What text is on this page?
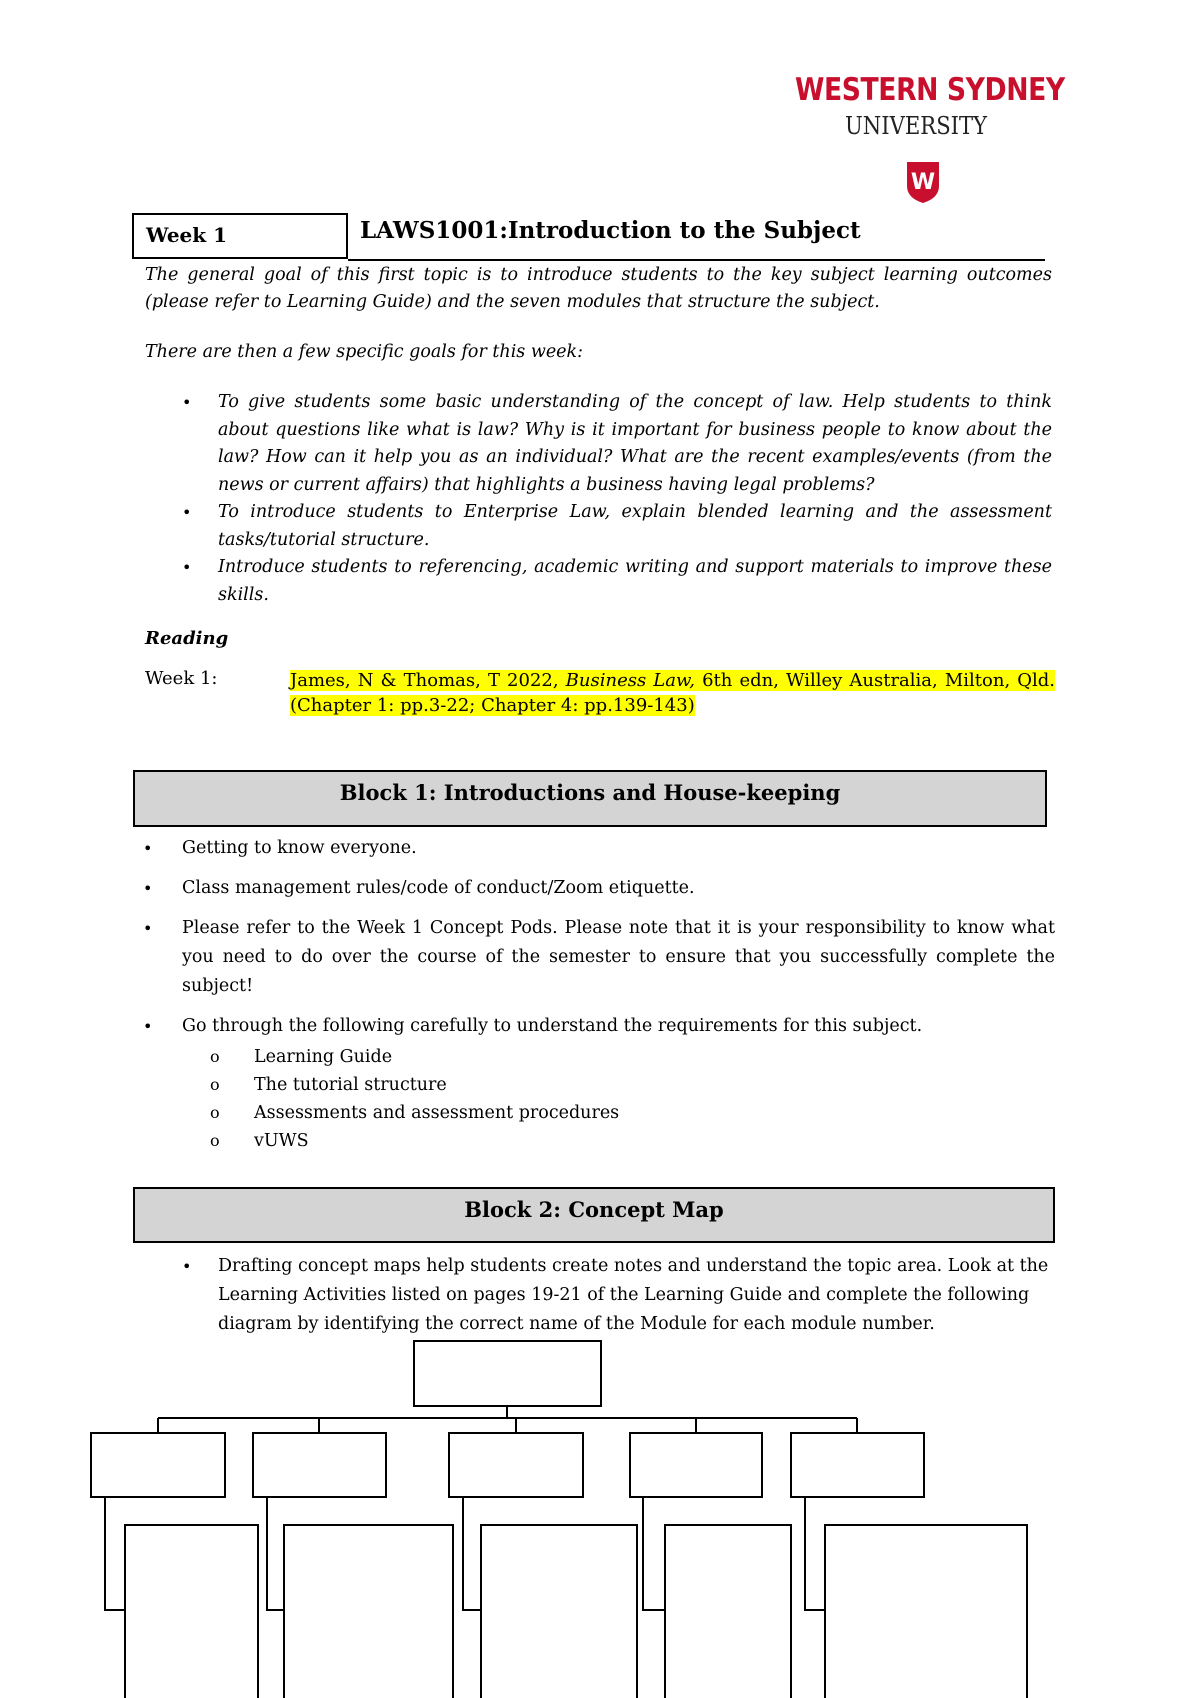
WESTERN SYDNEY
UNIVERSITY
W
Week 1	LAWS1001:Introduction to the Subject
The general goal of this first topic is to introduce students to the key subject learning outcomes (please refer to Learning Guide) and the seven modules that structure the subject.
There are then a few specific goals for this week:
• To give students some basic understanding of the concept of law. Help students to think about questions like what is law? Why is it important for business people to know about the law? How can it help you as an individual? What are the recent examples/events (from the news or current affairs) that highlights a business having legal problems?
• To introduce students to Enterprise Law, explain blended learning and the assessment tasks/tutorial structure.
• Introduce students to referencing, academic writing and support materials to improve these skills.
Reading
Week 1:	James, N & Thomas, T 2022, Business Law, 6th edn, Willey Australia, Milton, Qld. (Chapter 1: pp.3-22; Chapter 4: pp.139-143)
Block 1: Introductions and House-keeping
• Getting to know everyone.
• Class management rules/code of conduct/Zoom etiquette.
• Please refer to the Week 1 Concept Pods. Please note that it is your responsibility to know what you need to do over the course of the semester to ensure that you successfully complete the subject!
• Go through the following carefully to understand the requirements for this subject.
o Learning Guide
o The tutorial structure
o Assessments and assessment procedures
o vUWS
Block 2: Concept Map
• Drafting concept maps help students create notes and understand the topic area. Look at the Learning Activities listed on pages 19-21 of the Learning Guide and complete the following diagram by identifying the correct name of the Module for each module number.
